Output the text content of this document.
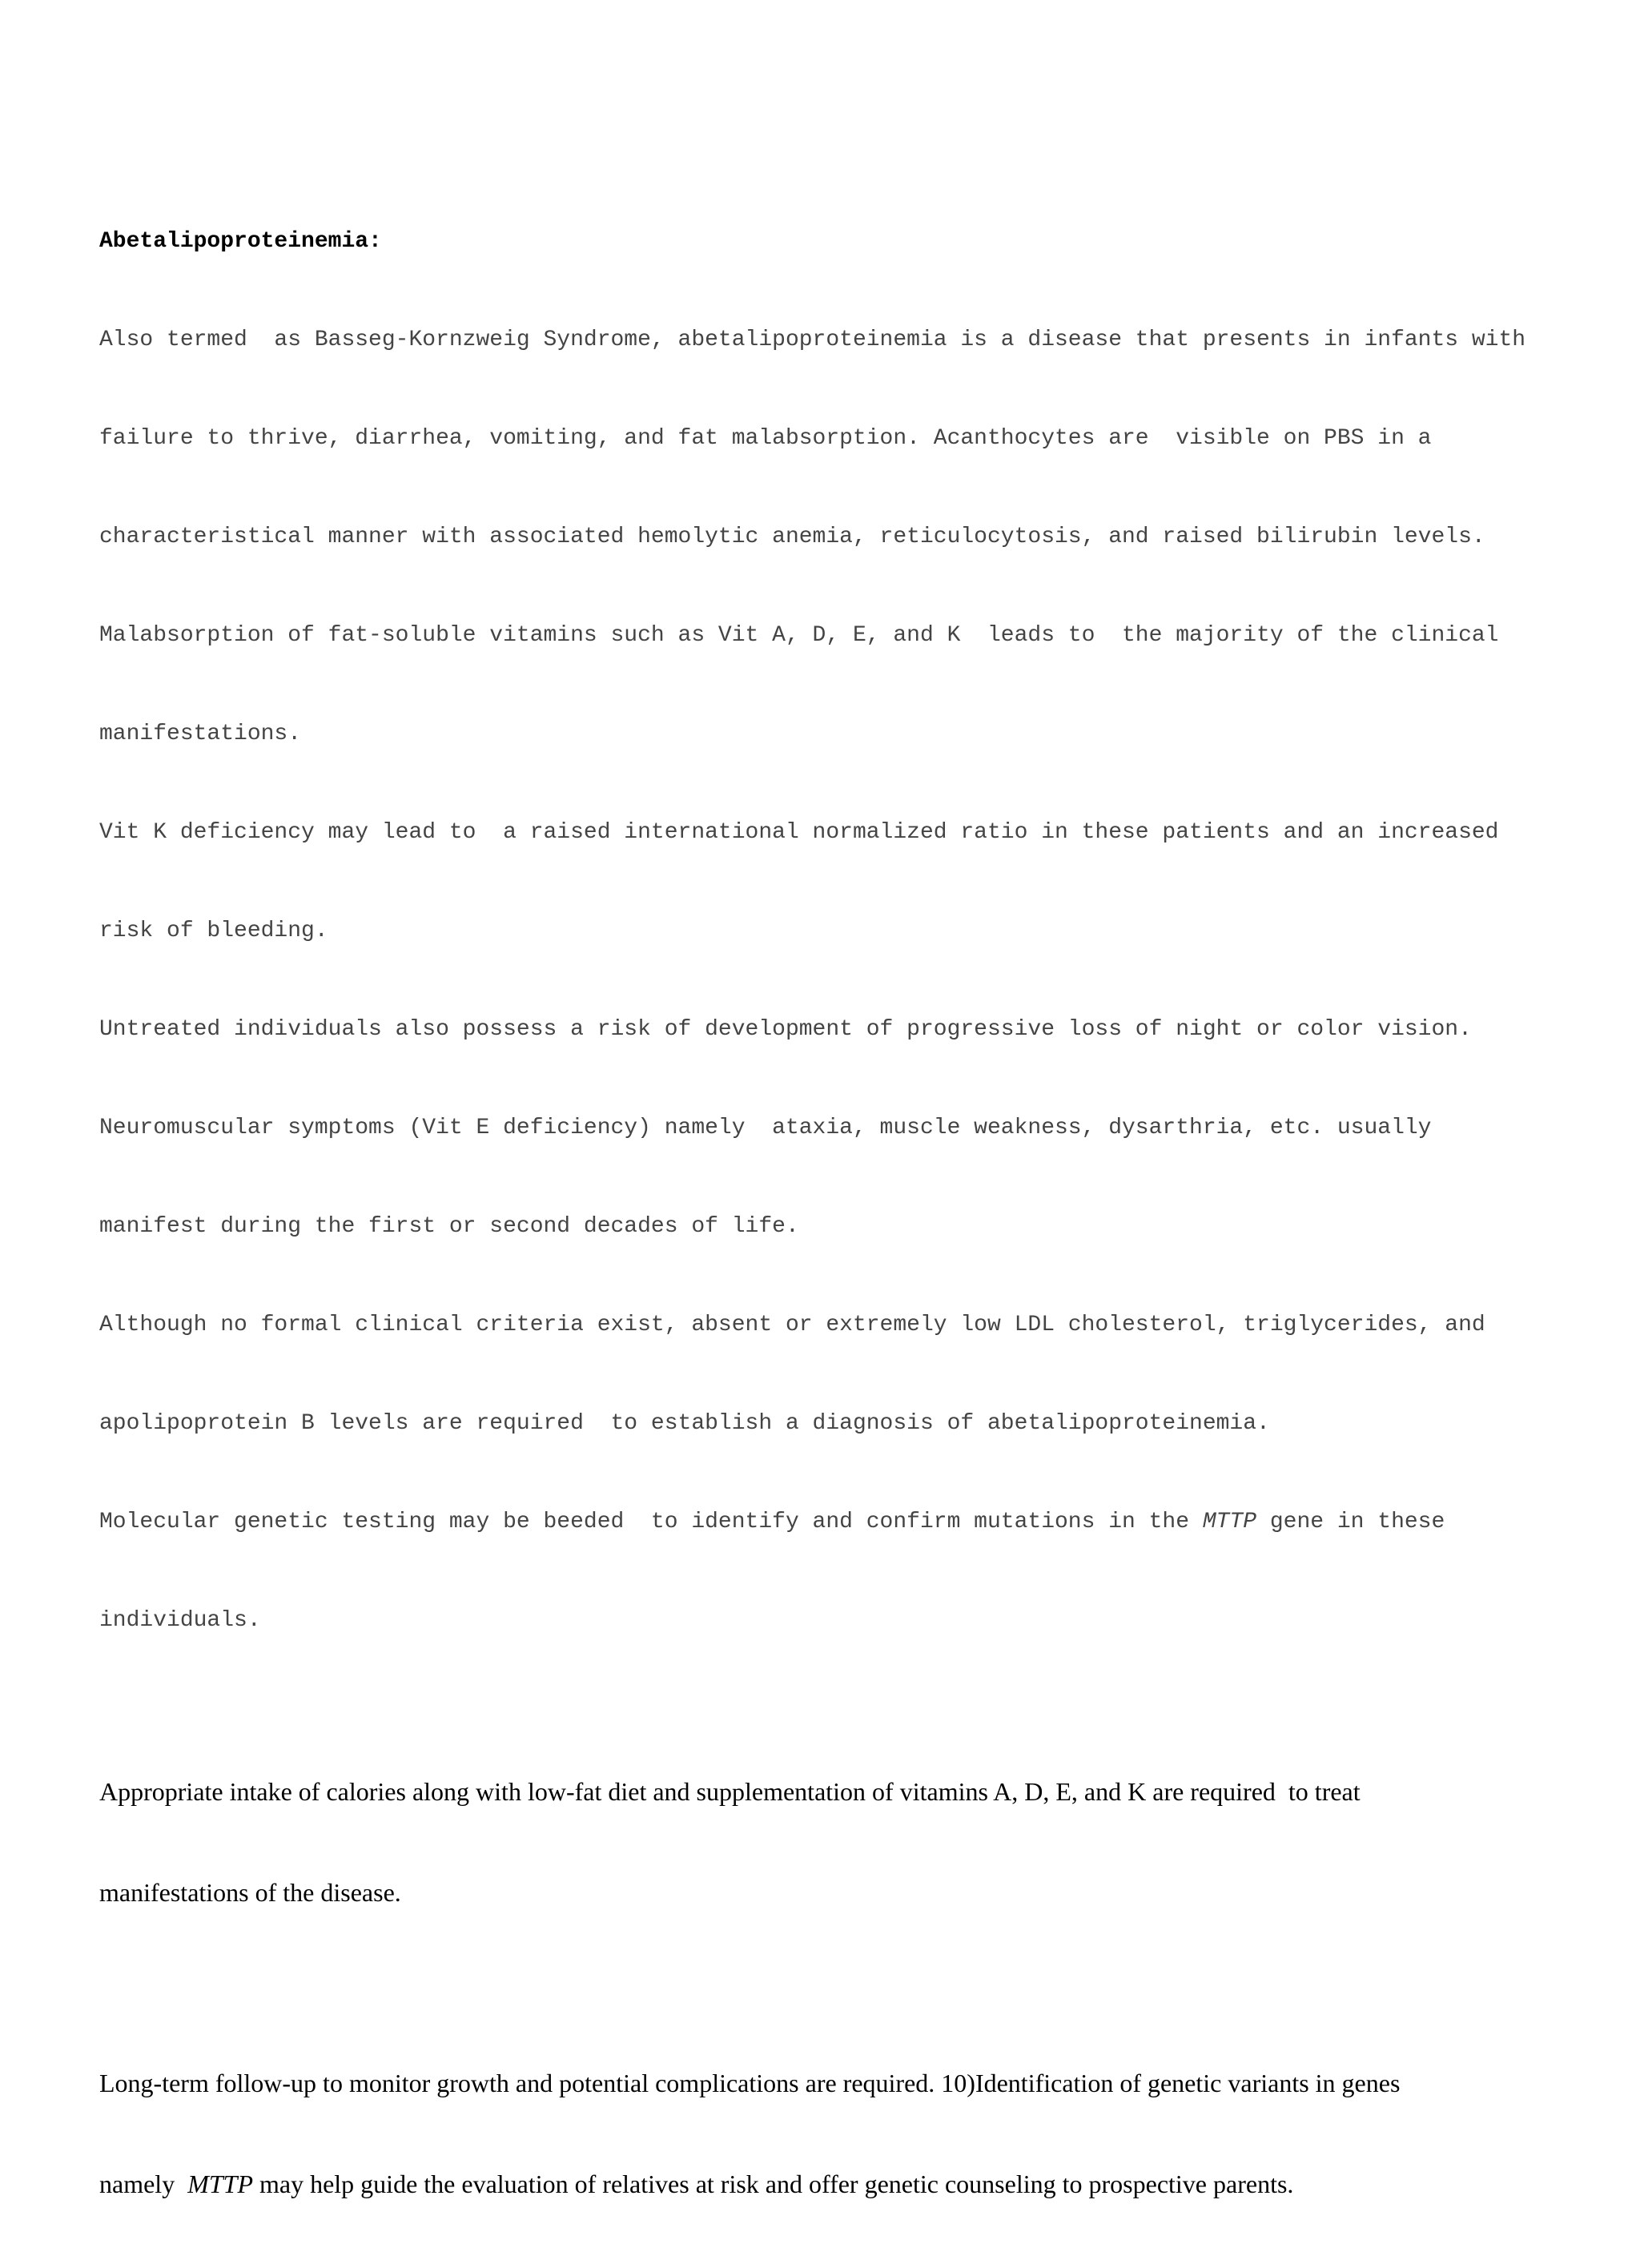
Abetalipoproteinemia:

Also termed  as Basseg-Kornzweig Syndrome, abetalipoproteinemia is a disease that presents in infants with

failure to thrive, diarrhea, vomiting, and fat malabsorption. Acanthocytes are  visible on PBS in a

characteristical manner with associated hemolytic anemia, reticulocytosis, and raised bilirubin levels.

Malabsorption of fat-soluble vitamins such as Vit A, D, E, and K  leads to  the majority of the clinical

manifestations.

Vit K deficiency may lead to  a raised international normalized ratio in these patients and an increased

risk of bleeding.

Untreated individuals also possess a risk of development of progressive loss of night or color vision.

Neuromuscular symptoms (Vit E deficiency) namely  ataxia, muscle weakness, dysarthria, etc. usually

manifest during the first or second decades of life.

Although no formal clinical criteria exist, absent or extremely low LDL cholesterol, triglycerides, and

apolipoprotein B levels are required  to establish a diagnosis of abetalipoproteinemia.

Molecular genetic testing may be beeded  to identify and confirm mutations in the MTTP gene in these

individuals.

Appropriate intake of calories along with low-fat diet and supplementation of vitamins A, D, E, and K are required  to treat

manifestations of the disease.

Long-term follow-up to monitor growth and potential complications are required. 10)Identification of genetic variants in genes

namely  MTTP may help guide the evaluation of relatives at risk and offer genetic counseling to prospective parents.
